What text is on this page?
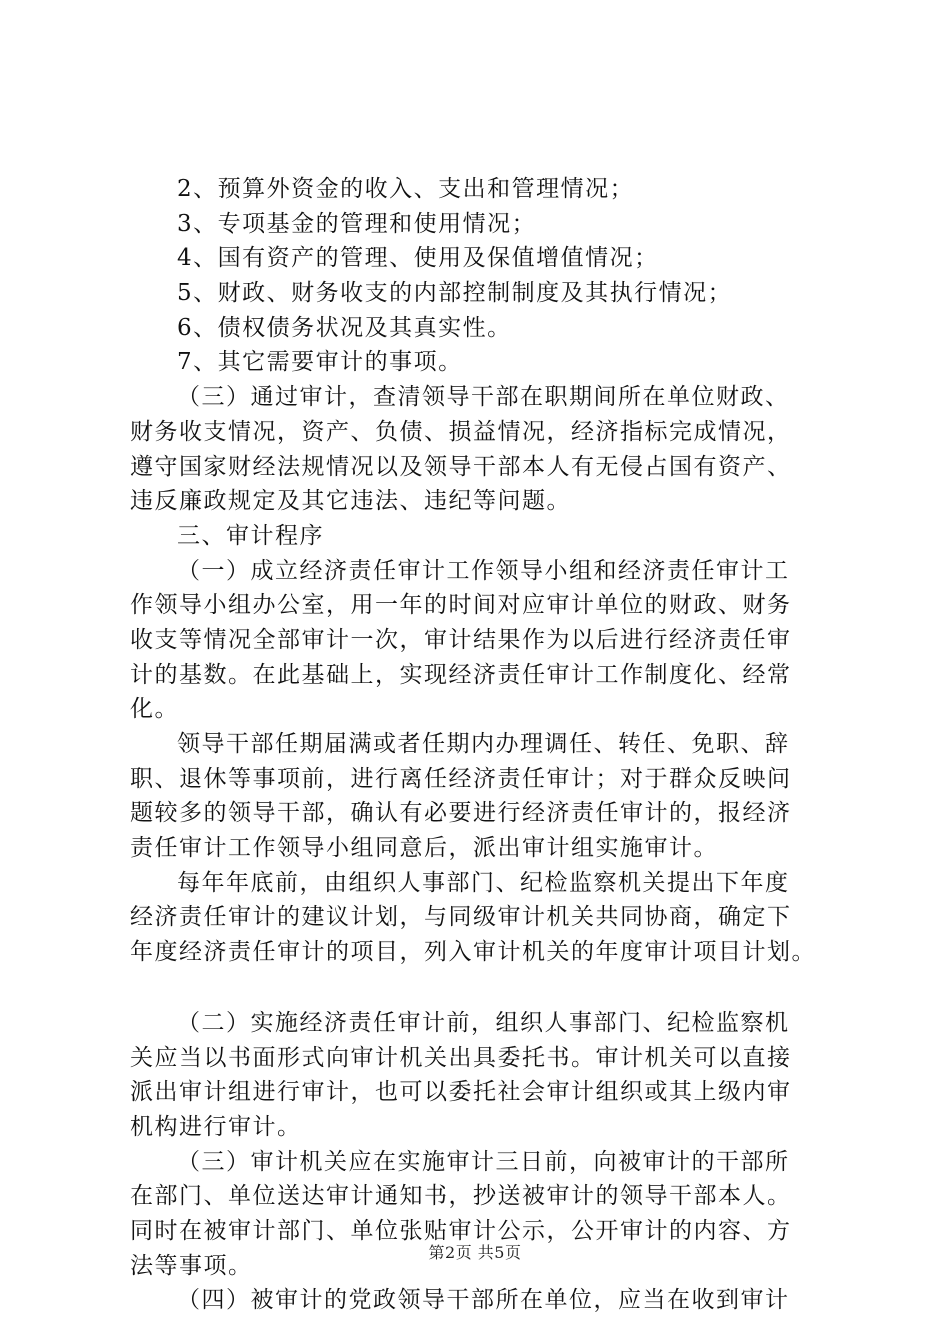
2、预算外资金的收入、支出和管理情况；
3、专项基金的管理和使用情况；
4、国有资产的管理、使用及保值增值情况；
5、财政、财务收支的内部控制制度及其执行情况；
6、债权债务状况及其真实性。
7、其它需要审计的事项。
（三）通过审计，查清领导干部在职期间所在单位财政、
财务收支情况，资产、负债、损益情况，经济指标完成情况，
遵守国家财经法规情况以及领导干部本人有无侵占国有资产、
违反廉政规定及其它违法、违纪等问题。
三、审计程序
（一）成立经济责任审计工作领导小组和经济责任审计工
作领导小组办公室，用一年的时间对应审计单位的财政、财务
收支等情况全部审计一次，审计结果作为以后进行经济责任审
计的基数。在此基础上，实现经济责任审计工作制度化、经常
化。
领导干部任期届满或者任期内办理调任、转任、免职、辞
职、退休等事项前，进行离任经济责任审计；对于群众反映问
题较多的领导干部，确认有必要进行经济责任审计的，报经济
责任审计工作领导小组同意后，派出审计组实施审计。
每年年底前，由组织人事部门、纪检监察机关提出下年度
经济责任审计的建议计划，与同级审计机关共同协商，确定下
年度经济责任审计的项目，列入审计机关的年度审计项目计划。
（二）实施经济责任审计前，组织人事部门、纪检监察机
关应当以书面形式向审计机关出具委托书。审计机关可以直接
派出审计组进行审计，也可以委托社会审计组织或其上级内审
机构进行审计。
（三）审计机关应在实施审计三日前，向被审计的干部所
在部门、单位送达审计通知书，抄送被审计的领导干部本人。
同时在被审计部门、单位张贴审计公示，公开审计的内容、方
法等事项。
（四）被审计的党政领导干部所在单位，应当在收到审计
第2页 共5页
